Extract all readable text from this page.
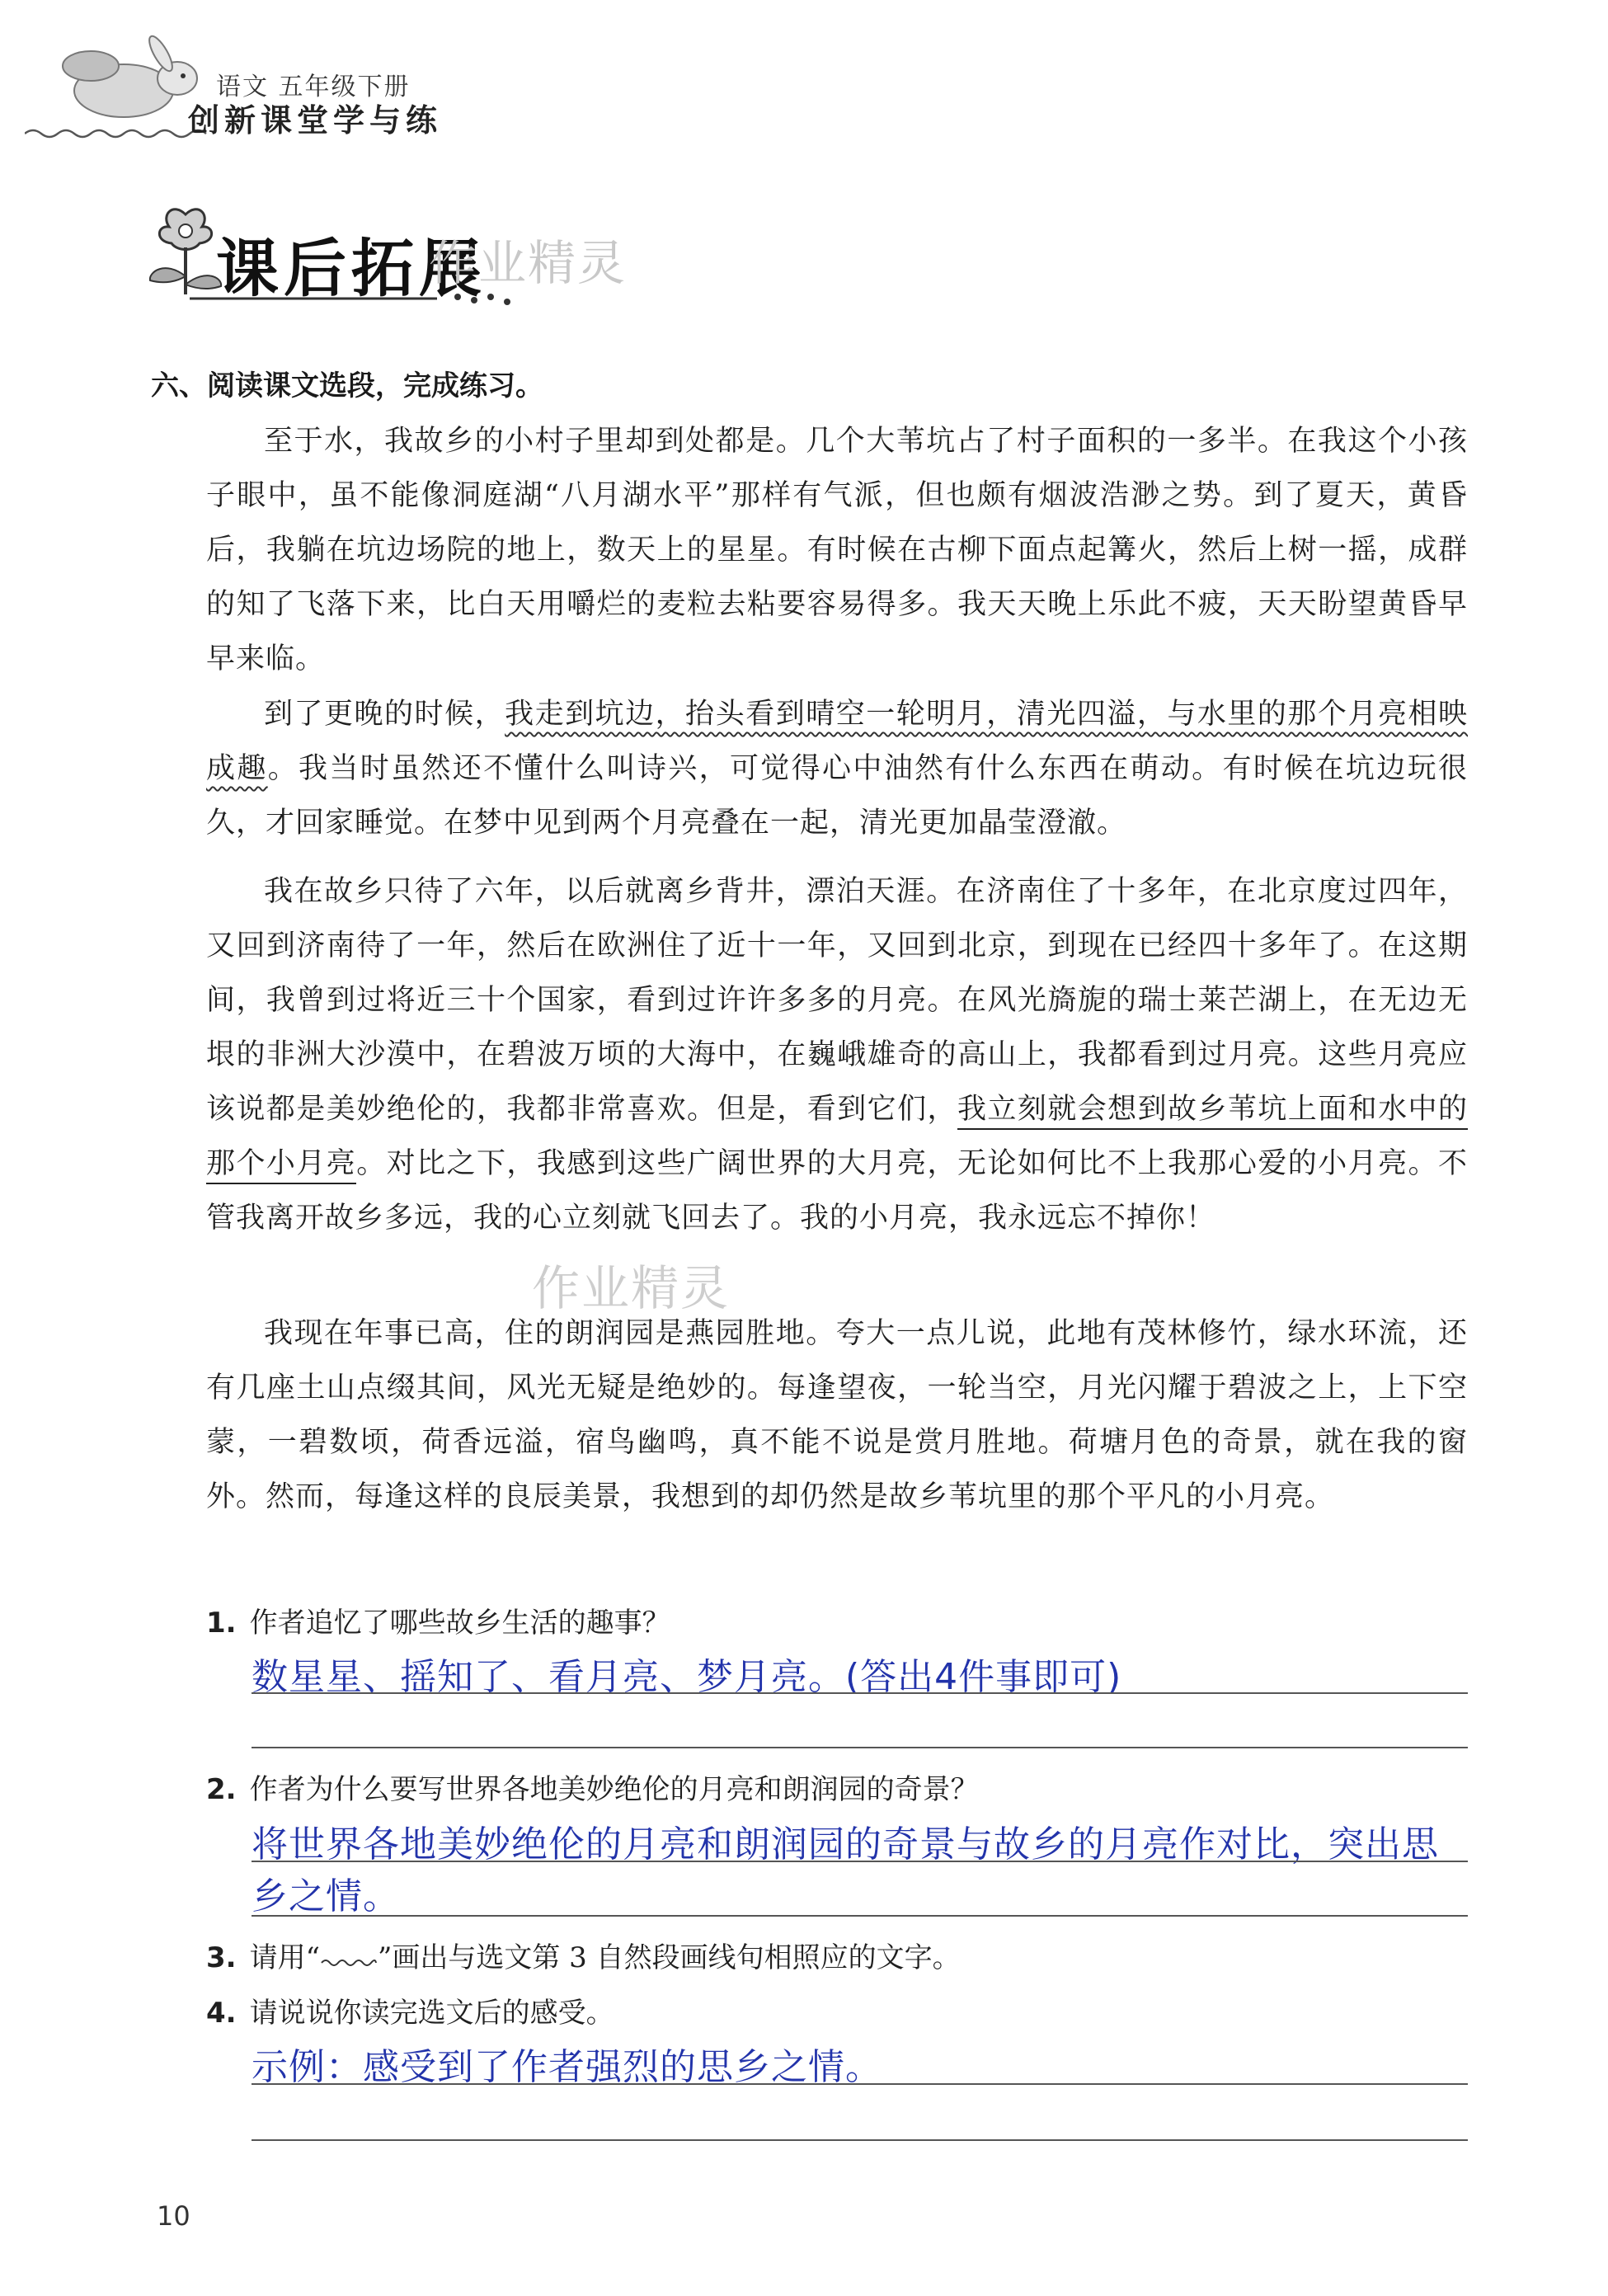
语文 五年级下册
创新课堂学与练
课后拓展
作业精灵
六、阅读课文选段，完成练习。

至于水，我故乡的小村子里却到处都是。几个大苇坑占了村子面积的一多半。在我这个小孩子眼中，虽不能像洞庭湖“八月湖水平”那样有气派，但也颇有烟波浩渺之势。到了夏天，黄昏后，我躺在坑边场院的地上，数天上的星星。有时候在古柳下面点起篝火，然后上树一摇，成群的知了飞落下来，比白天用嚼烂的麦粒去粘要容易得多。我天天晚上乐此不疲，天天盼望黄昏早早来临。

到了更晚的时候，我走到坑边，抬头看到晴空一轮明月，清光四溢，与水里的那个月亮相映成趣。我当时虽然还不懂什么叫诗兴，可觉得心中油然有什么东西在萌动。有时候在坑边玩很久，才回家睡觉。在梦中见到两个月亮叠在一起，清光更加晶莹澄澈。

我在故乡只待了六年，以后就离乡背井，漂泊天涯。在济南住了十多年，在北京度过四年，又回到济南待了一年，然后在欧洲住了近十一年，又回到北京，到现在已经四十多年了。在这期间，我曾到过将近三十个国家，看到过许许多多的月亮。在风光旖旎的瑞士莱芒湖上，在无边无垠的非洲大沙漠中，在碧波万顷的大海中，在巍峨雄奇的高山上，我都看到过月亮。这些月亮应该说都是美妙绝伦的，我都非常喜欢。但是，看到它们，我立刻就会想到故乡苇坑上面和水中的那个小月亮。对比之下，我感到这些广阔世界的大月亮，无论如何比不上我那心爱的小月亮。不管我离开故乡多远，我的心立刻就飞回去了。我的小月亮，我永远忘不掉你！

作业精灵

我现在年事已高，住的朗润园是燕园胜地。夸大一点儿说，此地有茂林修竹，绿水环流，还有几座土山点缀其间，风光无疑是绝妙的。每逢望夜，一轮当空，月光闪耀于碧波之上，上下空蒙，一碧数顷，荷香远溢，宿鸟幽鸣，真不能不说是赏月胜地。荷塘月色的奇景，就在我的窗外。然而，每逢这样的良辰美景，我想到的却仍然是故乡苇坑里的那个平凡的小月亮。

1. 作者追忆了哪些故乡生活的趣事？
数星星、摇知了、看月亮、梦月亮。(答出4件事即可)
2. 作者为什么要写世界各地美妙绝伦的月亮和朗润园的奇景？
将世界各地美妙绝伦的月亮和朗润园的奇景与故乡的月亮作对比，突出思
乡之情。
3. 请用“ ”画出与选文第 3 自然段画线句相照应的文字。
4. 请说说你读完选文后的感受。
示例：感受到了作者强烈的思乡之情。
10
